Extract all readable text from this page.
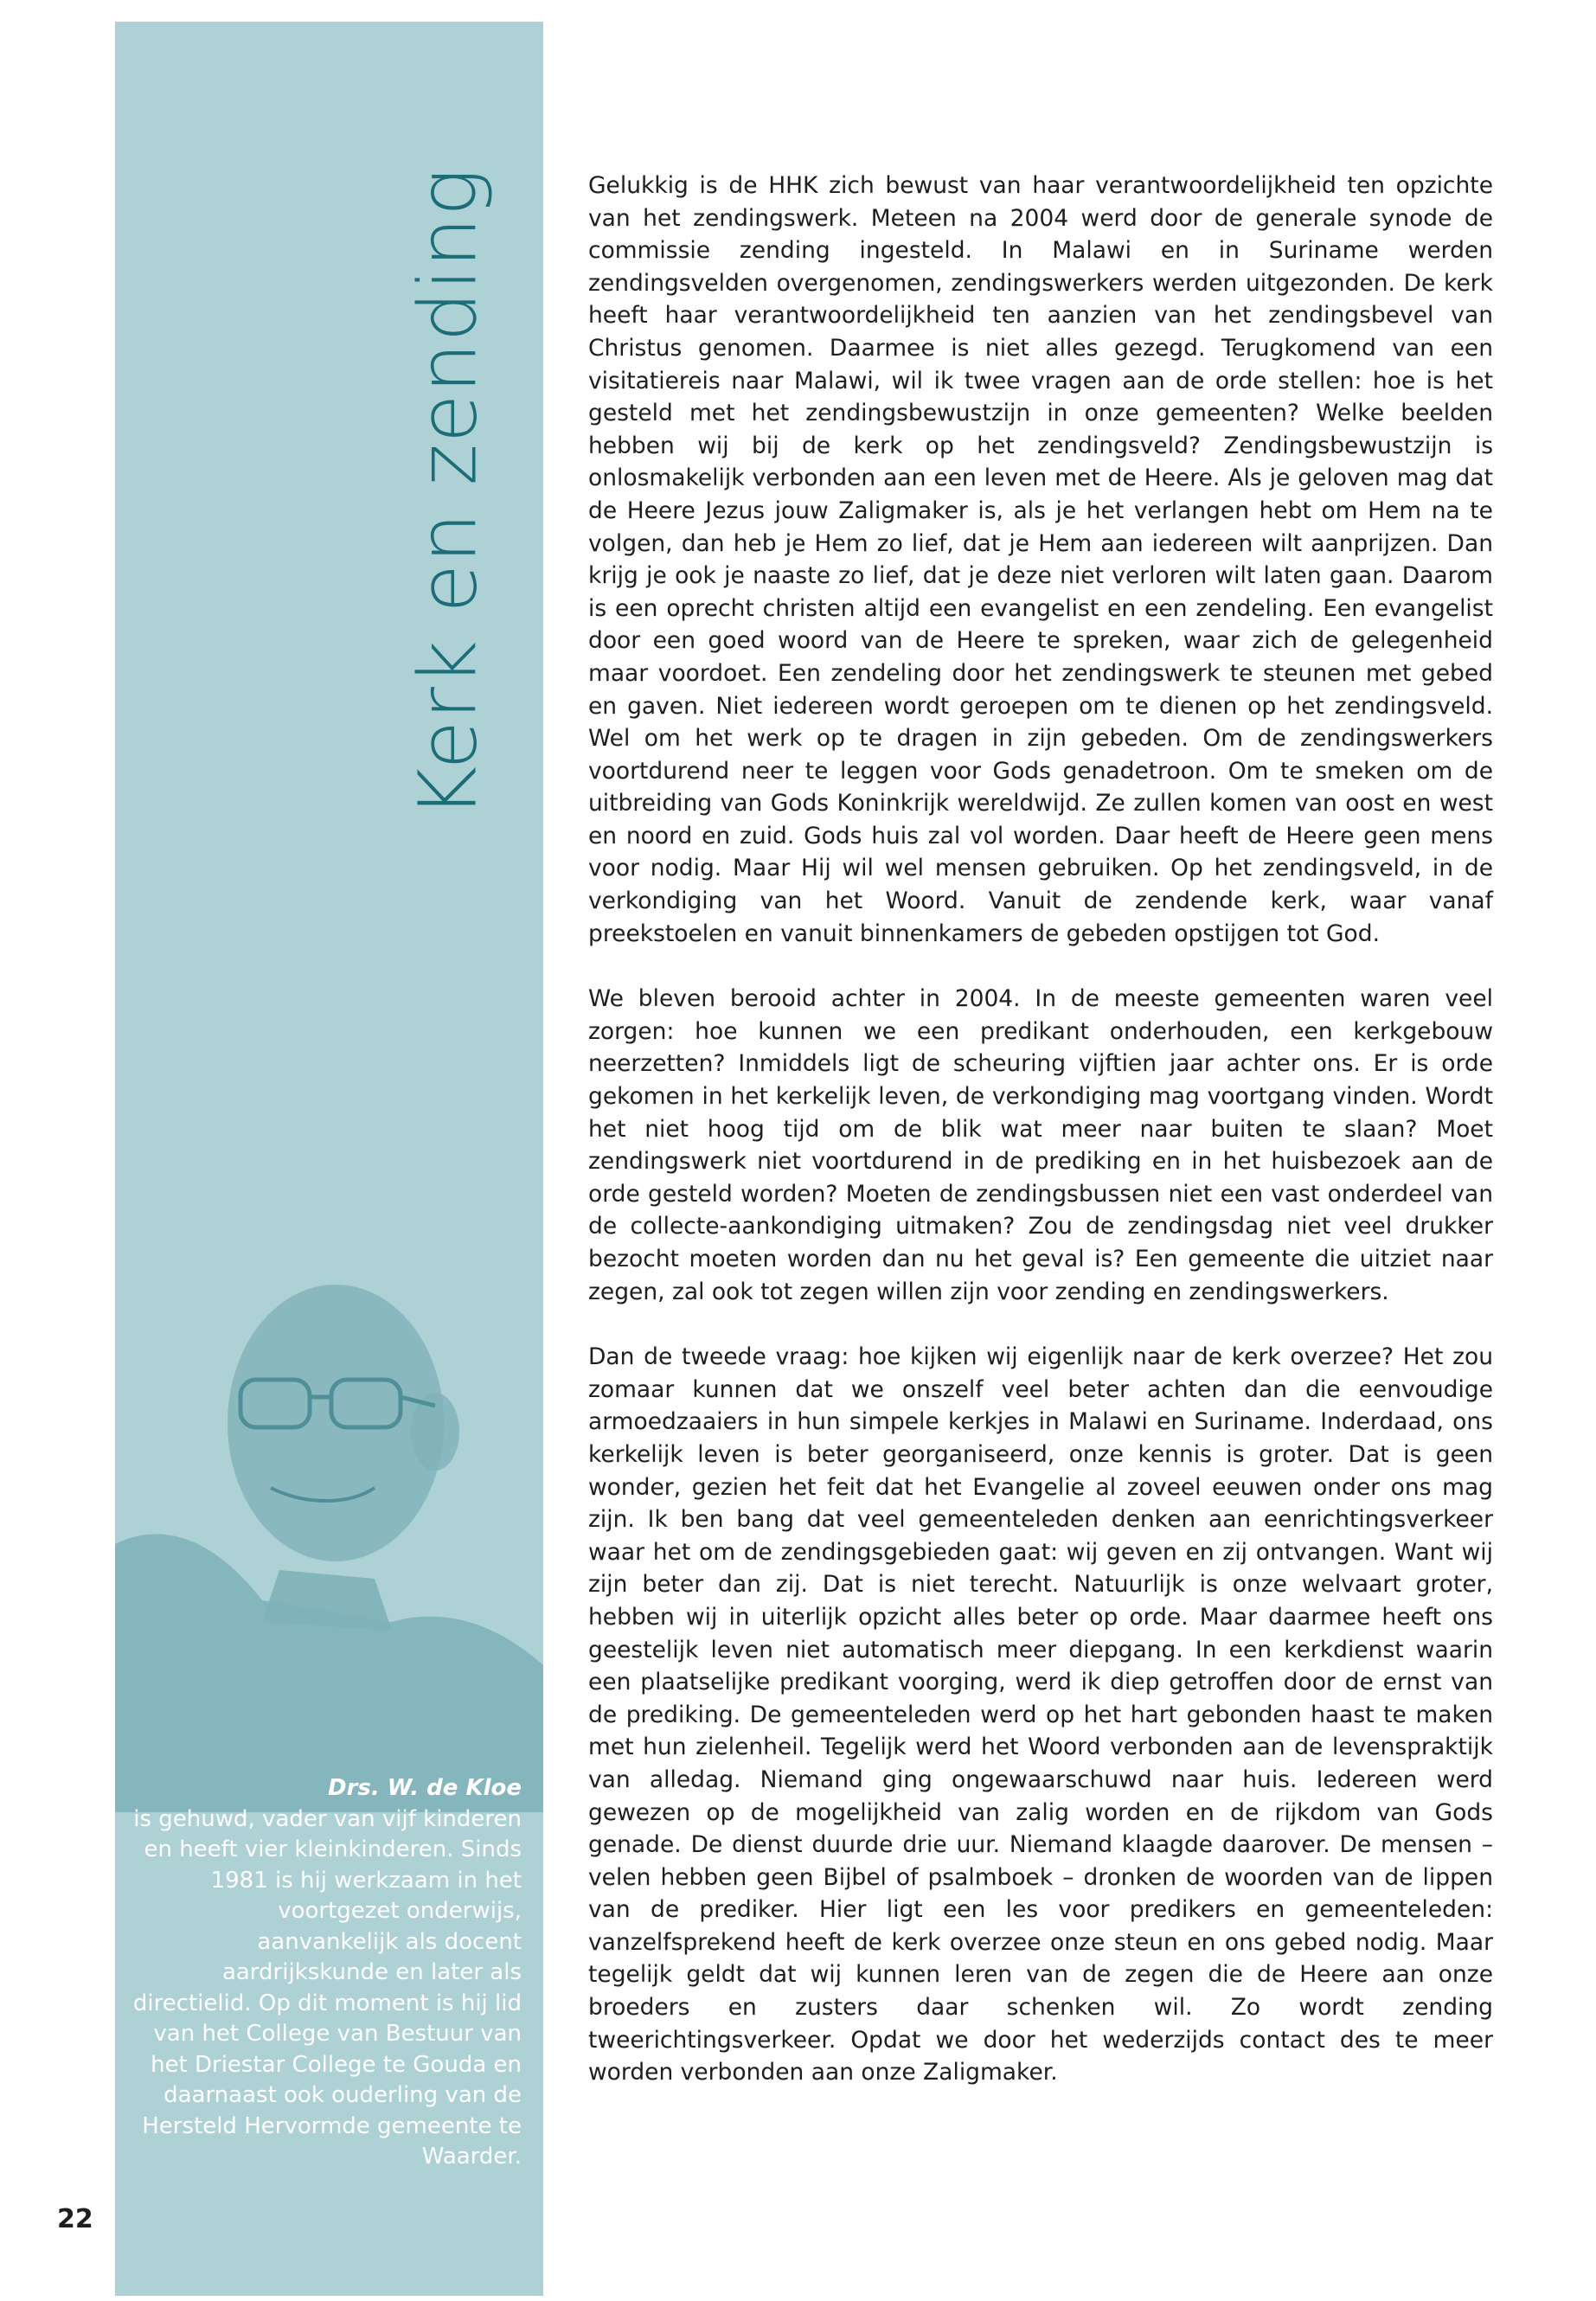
Kerk en zending

Drs. W. de Kloe
is gehuwd, vader van vijf kinderen en heeft vier kleinkinderen. Sinds 1981 is hij werkzaam in het voortgezet onderwijs, aanvankelijk als docent aardrijkskunde en later als directielid. Op dit moment is hij lid van het College van Bestuur van het Driestar College te Gouda en daarnaast ook ouderling van de Hersteld Hervormde gemeente te Waarder.

Gelukkig is de HHK zich bewust van haar verantwoordelijkheid ten opzichte van het zendingswerk. Meteen na 2004 werd door de generale synode de commissie zending ingesteld. In Malawi en in Suriname werden zendingsvelden overgenomen, zendingswerkers werden uitgezonden. De kerk heeft haar verantwoordelijkheid ten aanzien van het zendingsbevel van Christus genomen. Daarmee is niet alles gezegd. Terugkomend van een visitatiereis naar Malawi, wil ik twee vragen aan de orde stellen: hoe is het gesteld met het zendingsbewustzijn in onze gemeenten? Welke beelden hebben wij bij de kerk op het zendingsveld? Zendingsbewustzijn is onlosmakelijk verbonden aan een leven met de Heere. Als je geloven mag dat de Heere Jezus jouw Zaligmaker is, als je het verlangen hebt om Hem na te volgen, dan heb je Hem zo lief, dat je Hem aan iedereen wilt aanprijzen. Dan krijg je ook je naaste zo lief, dat je deze niet verloren wilt laten gaan. Daarom is een oprecht christen altijd een evangelist en een zendeling. Een evangelist door een goed woord van de Heere te spreken, waar zich de gelegenheid maar voordoet. Een zendeling door het zendingswerk te steunen met gebed en gaven. Niet iedereen wordt geroepen om te dienen op het zendingsveld. Wel om het werk op te dragen in zijn gebeden. Om de zendingswerkers voortdurend neer te leggen voor Gods genadetroon. Om te smeken om de uitbreiding van Gods Koninkrijk wereldwijd. Ze zullen komen van oost en west en noord en zuid. Gods huis zal vol worden. Daar heeft de Heere geen mens voor nodig. Maar Hij wil wel mensen gebruiken. Op het zendingsveld, in de verkondiging van het Woord. Vanuit de zendende kerk, waar vanaf preekstoelen en vanuit binnenkamers de gebeden opstijgen tot God.

We bleven berooid achter in 2004. In de meeste gemeenten waren veel zorgen: hoe kunnen we een predikant onderhouden, een kerkgebouw neerzetten? Inmiddels ligt de scheuring vijftien jaar achter ons. Er is orde gekomen in het kerkelijk leven, de verkondiging mag voortgang vinden. Wordt het niet hoog tijd om de blik wat meer naar buiten te slaan? Moet zendingswerk niet voortdurend in de prediking en in het huisbezoek aan de orde gesteld worden? Moeten de zendingsbussen niet een vast onderdeel van de collecte-aankondiging uitmaken? Zou de zendingsdag niet veel drukker bezocht moeten worden dan nu het geval is? Een gemeente die uitziet naar zegen, zal ook tot zegen willen zijn voor zending en zendingswerkers.

Dan de tweede vraag: hoe kijken wij eigenlijk naar de kerk overzee? Het zou zomaar kunnen dat we onszelf veel beter achten dan die eenvoudige armoedzaaiers in hun simpele kerkjes in Malawi en Suriname. Inderdaad, ons kerkelijk leven is beter georganiseerd, onze kennis is groter. Dat is geen wonder, gezien het feit dat het Evangelie al zoveel eeuwen onder ons mag zijn. Ik ben bang dat veel gemeenteleden denken aan eenrichtingsverkeer waar het om de zendingsgebieden gaat: wij geven en zij ontvangen. Want wij zijn beter dan zij. Dat is niet terecht. Natuurlijk is onze welvaart groter, hebben wij in uiterlijk opzicht alles beter op orde. Maar daarmee heeft ons geestelijk leven niet automatisch meer diepgang. In een kerkdienst waarin een plaatselijke predikant voorging, werd ik diep getroffen door de ernst van de prediking. De gemeenteleden werd op het hart gebonden haast te maken met hun zielenheil. Tegelijk werd het Woord verbonden aan de levenspraktijk van alledag. Niemand ging ongewaarschuwd naar huis. Iedereen werd gewezen op de mogelijkheid van zalig worden en de rijkdom van Gods genade. De dienst duurde drie uur. Niemand klaagde daarover. De mensen – velen hebben geen Bijbel of psalmboek – dronken de woorden van de lippen van de prediker. Hier ligt een les voor predikers en gemeenteleden: vanzelfsprekend heeft de kerk overzee onze steun en ons gebed nodig. Maar tegelijk geldt dat wij kunnen leren van de zegen die de Heere aan onze broeders en zusters daar schenken wil. Zo wordt zending tweerichtingsverkeer. Opdat we door het wederzijds contact des te meer worden verbonden aan onze Zaligmaker.

22
